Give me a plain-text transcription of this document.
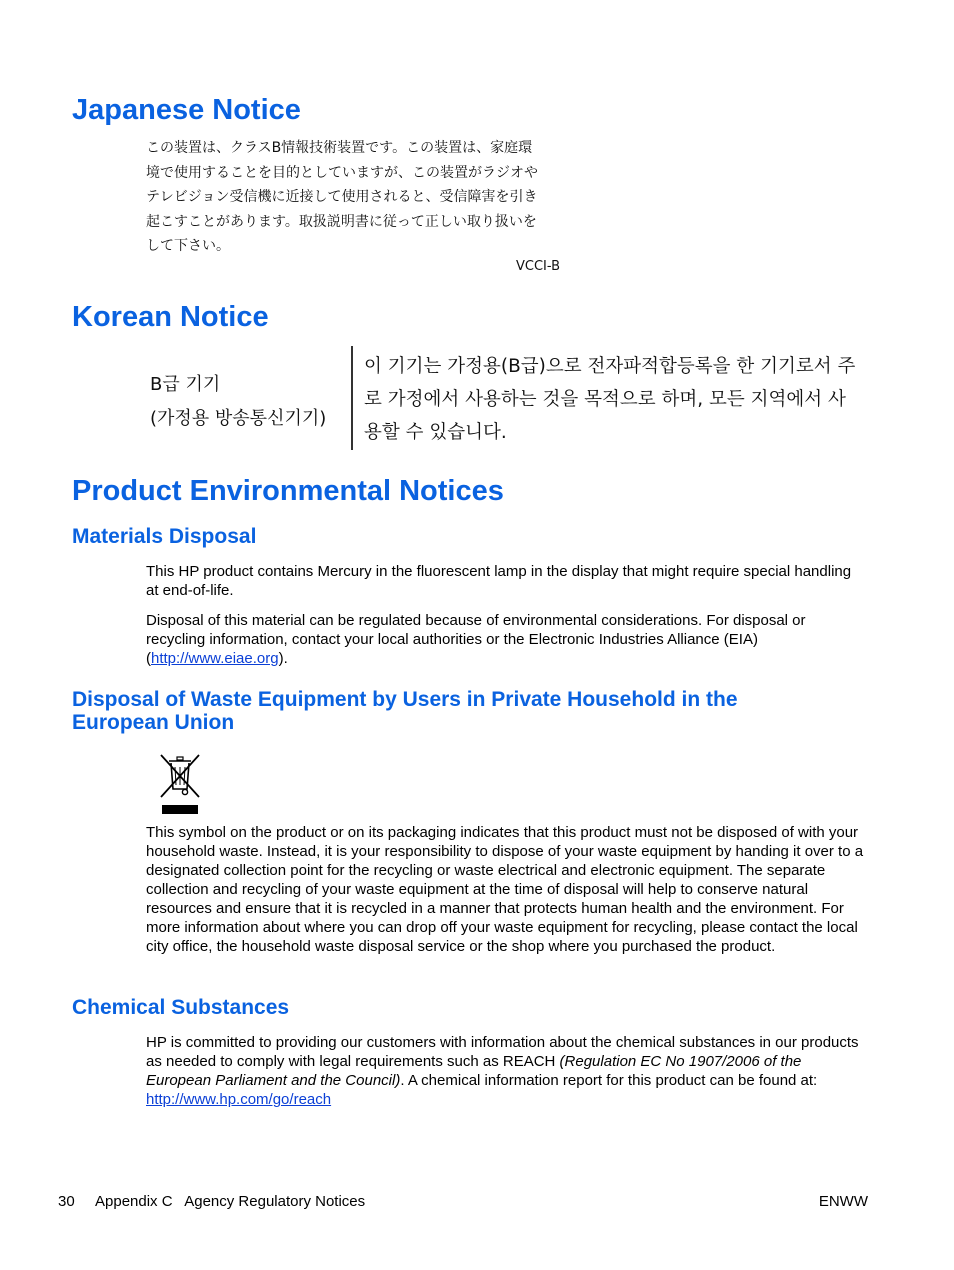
Japanese Notice
この装置は、クラスB情報技術装置です。この装置は、家庭環
境で使用することを目的としていますが、この装置がラジオや
テレビジョン受信機に近接して使用されると、受信障害を引き
起こすことがあります。取扱説明書に従って正しい取り扱いを
して下さい。
VCCI-B
Korean Notice
B급 기기
(가정용 방송통신기기)
이 기기는 가정용(B급)으로 전자파적합등록을 한 기기로서 주
로 가정에서 사용하는 것을 목적으로 하며, 모든 지역에서 사
용할 수 있습니다.
Product Environmental Notices
Materials Disposal

This HP product contains Mercury in the fluorescent lamp in the display that might require special handling at end-of-life.

Disposal of this material can be regulated because of environmental considerations. For disposal or recycling information, contact your local authorities or the Electronic Industries Alliance (EIA) (http://www.eiae.org).

Disposal of Waste Equipment by Users in Private Household in the
European Union

This symbol on the product or on its packaging indicates that this product must not be disposed of with your household waste. Instead, it is your responsibility to dispose of your waste equipment by handing it over to a designated collection point for the recycling or waste electrical and electronic equipment. The separate collection and recycling of your waste equipment at the time of disposal will help to conserve natural resources and ensure that it is recycled in a manner that protects human health and the environment. For more information about where you can drop off your waste equipment for recycling, please contact the local city office, the household waste disposal service or the shop where you purchased the product.

Chemical Substances

HP is committed to providing our customers with information about the chemical substances in our products as needed to comply with legal requirements such as REACH (Regulation EC No 1907/2006 of the European Parliament and the Council). A chemical information report for this product can be found at: http://www.hp.com/go/reach

30 Appendix C   Agency Regulatory Notices	ENWW
